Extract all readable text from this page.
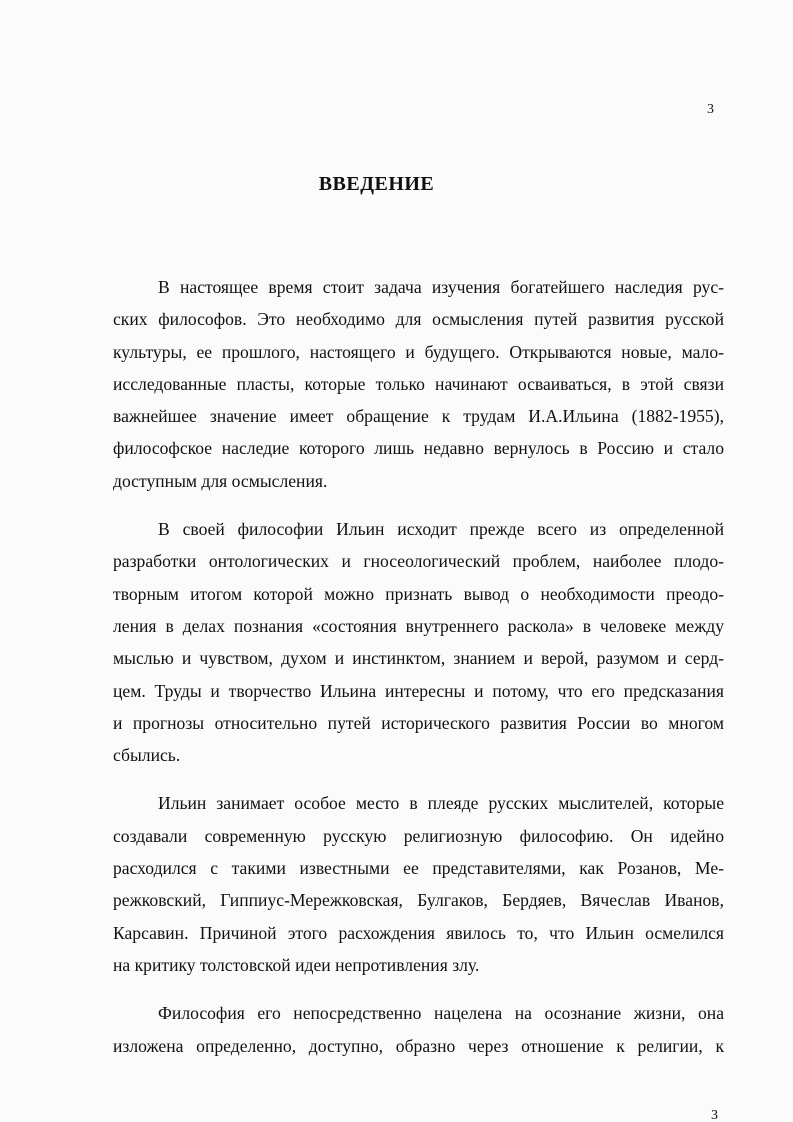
3
ВВЕДЕНИЕ
В настоящее время стоит задача изучения богатейшего наследия рус-
ских философов. Это необходимо для осмысления путей развития русской
культуры, ее прошлого, настоящего и будущего. Открываются новые, мало-
исследованные пласты, которые только начинают осваиваться, в этой связи
важнейшее значение имеет обращение к трудам И.А.Ильина (1882-1955),
философское наследие которого лишь недавно вернулось в Россию и стало
доступным для осмысления.
В своей философии Ильин исходит прежде всего из определенной
разработки онтологических и гносеологический проблем, наиболее плодо-
творным итогом которой можно признать вывод о необходимости преодо-
ления в делах познания «состояния внутреннего раскола» в человеке между
мыслью и чувством, духом и инстинктом, знанием и верой, разумом и серд-
цем. Труды и творчество Ильина интересны и потому, что его предсказания
и прогнозы относительно путей исторического развития России во многом
сбылись.
Ильин занимает особое место в плеяде русских мыслителей, которые
создавали современную русскую религиозную философию. Он идейно
расходился с такими известными ее представителями, как Розанов, Ме-
режковский, Гиппиус-Мережковская, Булгаков, Бердяев, Вячеслав Иванов,
Карсавин. Причиной этого расхождения явилось то, что Ильин осмелился
на критику толстовской идеи непротивления злу.
Философия его непосредственно нацелена на осознание жизни, она
изложена определенно, доступно, образно через отношение к религии, к
3
